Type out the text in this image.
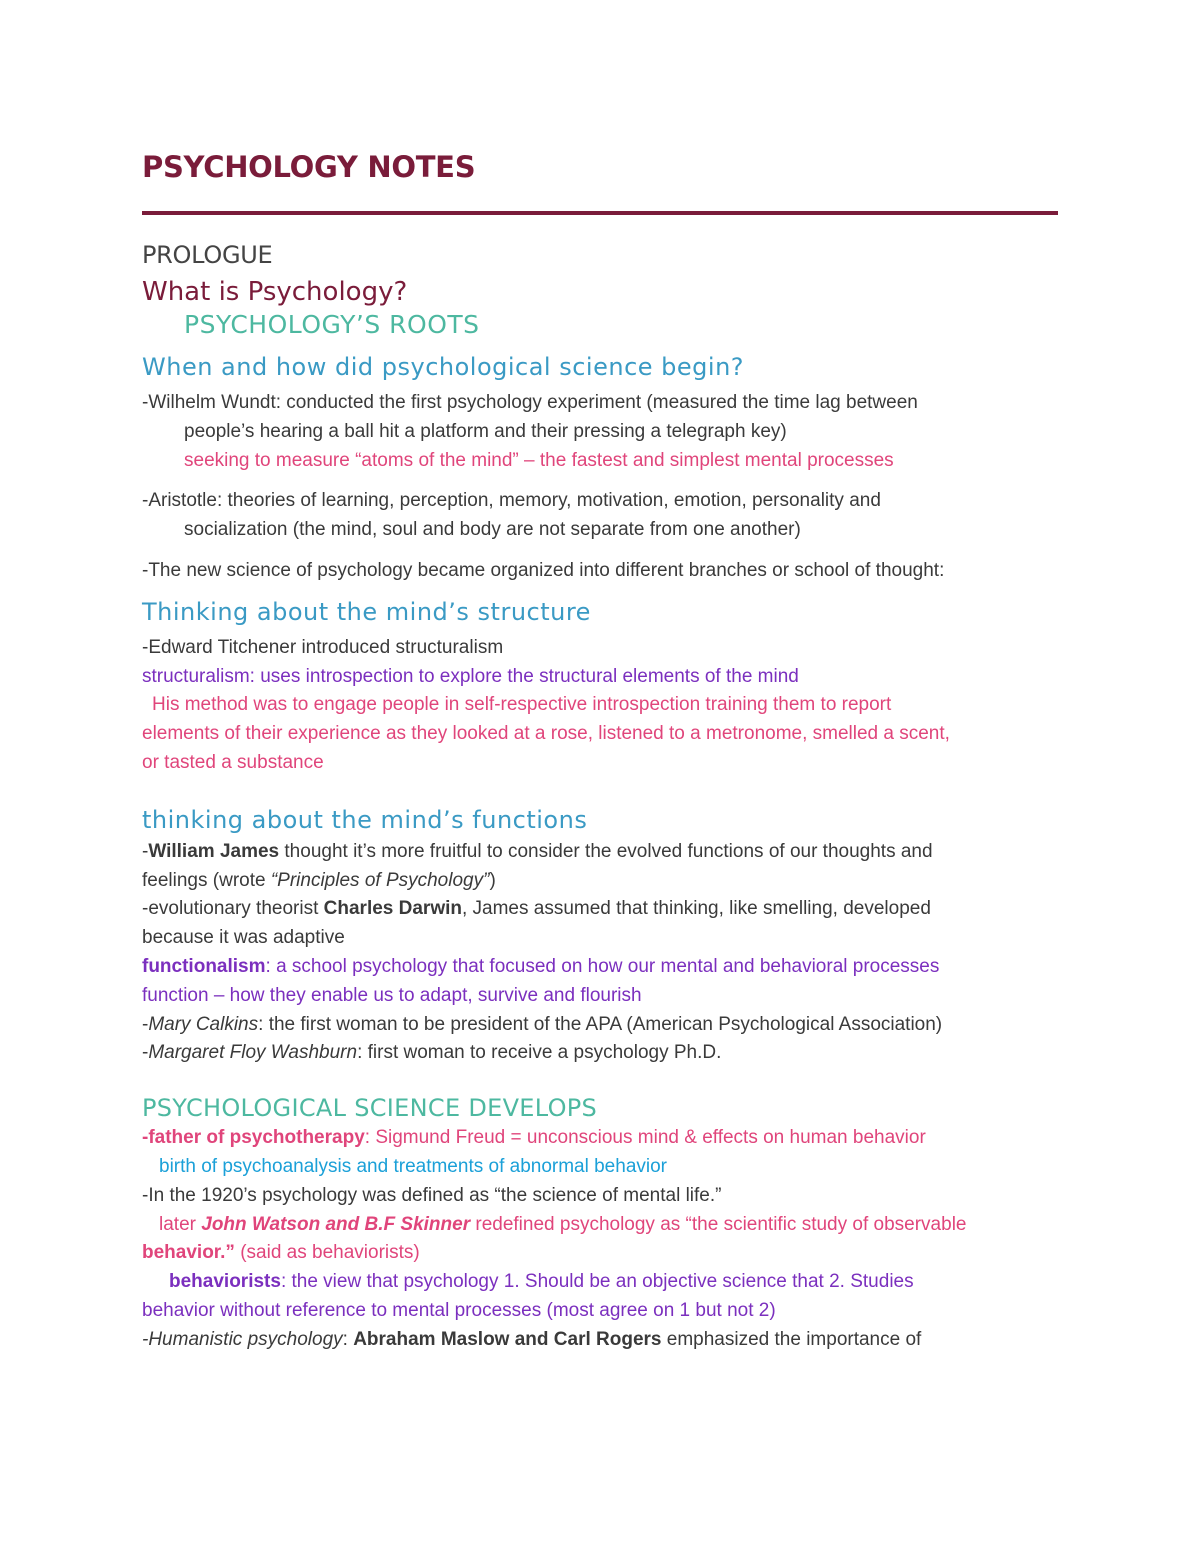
PSYCHOLOGY NOTES
PROLOGUE
What is Psychology?
PSYCHOLOGY’S ROOTS
When and how did psychological science begin?

-Wilhelm Wundt: conducted the first psychology experiment (measured the time lag between

people’s hearing a ball hit a platform and their pressing a telegraph key)

seeking to measure “atoms of the mind” – the fastest and simplest mental processes

-Aristotle: theories of learning, perception, memory, motivation, emotion, personality and

socialization (the mind, soul and body are not separate from one another)

-The new science of psychology became organized into different branches or school of thought:

Thinking about the mind’s structure

-Edward Titchener introduced structuralism

structuralism: uses introspection to explore the structural elements of the mind

His method was to engage people in self-respective introspection training them to report

elements of their experience as they looked at a rose, listened to a metronome, smelled a scent,

or tasted a substance

thinking about the mind’s functions

-William James thought it’s more fruitful to consider the evolved functions of our thoughts and

feelings (wrote “Principles of Psychology”)

-evolutionary theorist Charles Darwin, James assumed that thinking, like smelling, developed

because it was adaptive

functionalism: a school psychology that focused on how our mental and behavioral processes

function – how they enable us to adapt, survive and flourish

-Mary Calkins: the first woman to be president of the APA (American Psychological Association)

-Margaret Floy Washburn: first woman to receive a psychology Ph.D.

PSYCHOLOGICAL SCIENCE DEVELOPS

-father of psychotherapy: Sigmund Freud = unconscious mind & effects on human behavior

birth of psychoanalysis and treatments of abnormal behavior

-In the 1920’s psychology was defined as “the science of mental life.”

later John Watson and B.F Skinner redefined psychology as “the scientific study of observable

behavior.” (said as behaviorists)

behaviorists: the view that psychology 1. Should be an objective science that 2. Studies

behavior without reference to mental processes (most agree on 1 but not 2)

-Humanistic psychology: Abraham Maslow and Carl Rogers emphasized the importance of
